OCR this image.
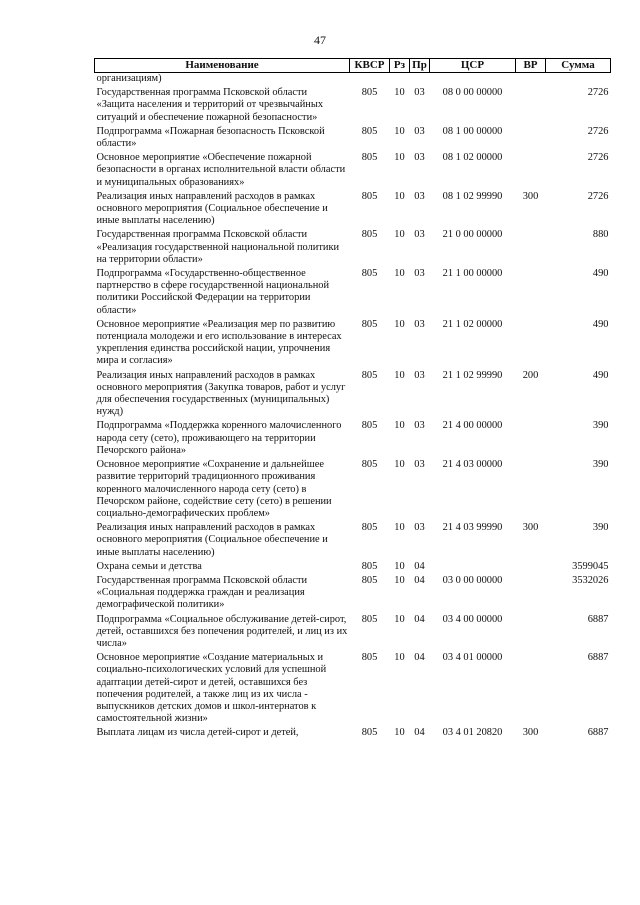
47
Наименование	КВСР	Рз	Пр	ЦСР	ВР	Сумма
организациям)						
Государственная программа Псковской области «Защита населения и территорий от чрезвычайных ситуаций и обеспечение пожарной безопасности»	805	10	03	08 0 00 00000		2726
Подпрограмма «Пожарная безопасность Псковской области»	805	10	03	08 1 00 00000		2726
Основное мероприятие «Обеспечение пожарной безопасности в органах исполнительной власти области и муниципальных образованиях»	805	10	03	08 1 02 00000		2726
Реализация иных направлений расходов в рамках основного мероприятия (Социальное обеспечение и иные выплаты населению)	805	10	03	08 1 02 99990	300	2726
Государственная программа Псковской области «Реализация государственной национальной политики на территории области»	805	10	03	21 0 00 00000		880
Подпрограмма «Государственно-общественное партнерство в сфере государственной национальной политики Российской Федерации на территории области»	805	10	03	21 1 00 00000		490
Основное мероприятие «Реализация мер по развитию потенциала молодежи и его использование в интересах укрепления единства российской нации, упрочнения мира и согласия»	805	10	03	21 1 02 00000		490
Реализация иных направлений расходов в рамках основного мероприятия (Закупка товаров, работ и услуг для обеспечения государственных (муниципальных) нужд)	805	10	03	21 1 02 99990	200	490
Подпрограмма «Поддержка коренного малочисленного народа сету (сето), проживающего на территории Печорского района»	805	10	03	21 4 00 00000		390
Основное мероприятие «Сохранение и дальнейшее развитие территорий традиционного проживания коренного малочисленного народа сету (сето) в Печорском районе, содействие сету (сето) в решении социально-демографических проблем»	805	10	03	21 4 03 00000		390
Реализация иных направлений расходов в рамках основного мероприятия (Социальное обеспечение и иные выплаты населению)	805	10	03	21 4 03 99990	300	390
Охрана семьи и детства	805	10	04			3599045
Государственная программа Псковской области «Социальная поддержка граждан и реализация демографической политики»	805	10	04	03 0 00 00000		3532026
Подпрограмма «Социальное обслуживание детей-сирот, детей, оставшихся без попечения родителей, и лиц из их числа»	805	10	04	03 4 00 00000		6887
Основное мероприятие «Создание материальных и социально-психологических условий для успешной адаптации детей-сирот и детей, оставшихся без попечения родителей, а также лиц из их числа - выпускников детских домов и школ-интернатов к самостоятельной жизни»	805	10	04	03 4 01 00000		6887
Выплата лицам из числа детей-сирот и детей,	805	10	04	03 4 01 20820	300	6887
